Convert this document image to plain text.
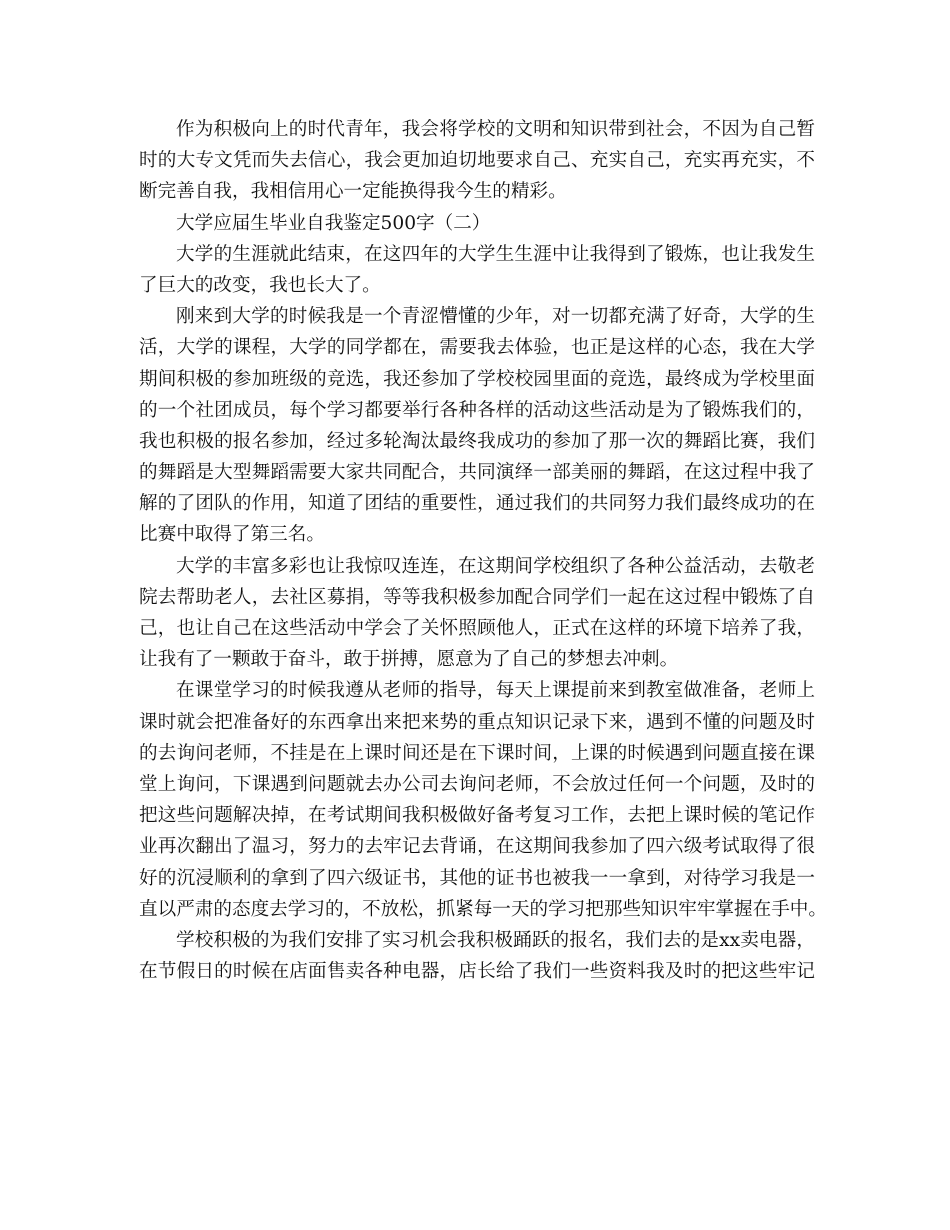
作为积极向上的时代青年，我会将学校的文明和知识带到社会，不因为自己暂
时的大专文凭而失去信心，我会更加迫切地要求自己、充实自己，充实再充实，不
断完善自我，我相信用心一定能换得我今生的精彩。
大学应届生毕业自我鉴定500字（二）
大学的生涯就此结束，在这四年的大学生生涯中让我得到了锻炼，也让我发生
了巨大的改变，我也长大了。
刚来到大学的时候我是一个青涩懵懂的少年，对一切都充满了好奇，大学的生
活，大学的课程，大学的同学都在，需要我去体验，也正是这样的心态，我在大学
期间积极的参加班级的竞选，我还参加了学校校园里面的竞选，最终成为学校里面
的一个社团成员，每个学习都要举行各种各样的活动这些活动是为了锻炼我们的，
我也积极的报名参加，经过多轮淘汰最终我成功的参加了那一次的舞蹈比赛，我们
的舞蹈是大型舞蹈需要大家共同配合，共同演绎一部美丽的舞蹈，在这过程中我了
解的了团队的作用，知道了团结的重要性，通过我们的共同努力我们最终成功的在
比赛中取得了第三名。
大学的丰富多彩也让我惊叹连连，在这期间学校组织了各种公益活动，去敬老
院去帮助老人，去社区募捐，等等我积极参加配合同学们一起在这过程中锻炼了自
己，也让自己在这些活动中学会了关怀照顾他人，正式在这样的环境下培养了我，
让我有了一颗敢于奋斗，敢于拼搏，愿意为了自己的梦想去冲刺。
在课堂学习的时候我遵从老师的指导，每天上课提前来到教室做准备，老师上
课时就会把准备好的东西拿出来把来势的重点知识记录下来，遇到不懂的问题及时
的去询问老师，不挂是在上课时间还是在下课时间，上课的时候遇到问题直接在课
堂上询问，下课遇到问题就去办公司去询问老师，不会放过任何一个问题，及时的
把这些问题解决掉，在考试期间我积极做好备考复习工作，去把上课时候的笔记作
业再次翻出了温习，努力的去牢记去背诵，在这期间我参加了四六级考试取得了很
好的沉浸顺利的拿到了四六级证书，其他的证书也被我一一拿到，对待学习我是一
直以严肃的态度去学习的，不放松，抓紧每一天的学习把那些知识牢牢掌握在手中。
学校积极的为我们安排了实习机会我积极踊跃的报名，我们去的是xx卖电器，
在节假日的时候在店面售卖各种电器，店长给了我们一些资料我及时的把这些牢记
